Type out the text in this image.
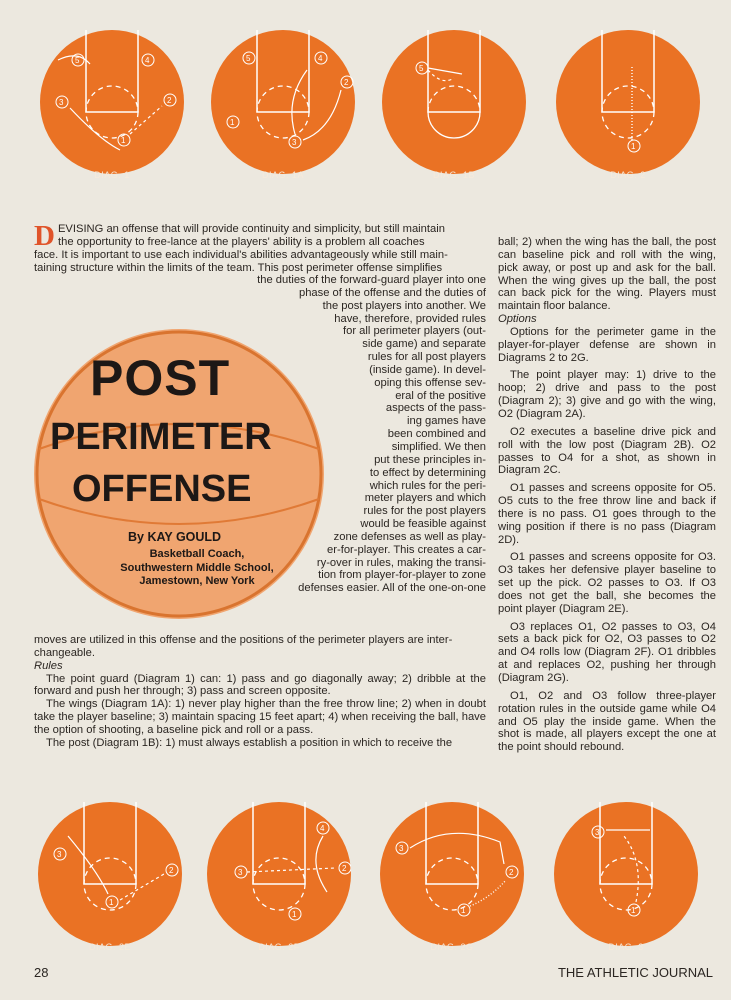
5	4
3	2
1
DIAG. 1
5	4
2
1
3
DIAG. 1A
5
DIAG. 1B
1
DIAG. 2
D EVISING an offense that will provide continuity and simplicity, but still maintain
the opportunity to free-lance at the players' ability is a problem all coaches
face. It is important to use each individual's abilities advantageously while still main-
taining structure within the limits of the team. This post perimeter offense simplifies
the duties of the forward-guard player into one
phase of the offense and the duties of
the post players into another. We
have, therefore, provided rules
for all perimeter players (out-
side game) and separate
rules for all post players
(inside game). In devel-
oping this offense sev-
eral of the positive
aspects of the pass-
ing games have
been combined and
simplified. We then
put these principles in-
to effect by determining
which rules for the peri-
meter players and which
rules for the post players
would be feasible against
zone defenses as well as play-
er-for-player. This creates a car-
ry-over in rules, making the transi-
tion from player-for-player to zone
defenses easier. All of the one-on-one
POST
PERIMETER
OFFENSE
By KAY GOULD
Basketball Coach,
Southwestern Middle School,
Jamestown, New York
moves are utilized in this offense and the positions of the perimeter players are inter-
changeable.
Rules

The point guard (Diagram 1) can: 1) pass and go diagonally away; 2) dribble at the forward and push her through; 3) pass and screen opposite.

The wings (Diagram 1A): 1) never play higher than the free throw line; 2) when in doubt take the player baseline; 3) maintain spacing 15 feet apart; 4) when receiving the ball, have the option of shooting, a baseline pick and roll or a pass.

The post (Diagram 1B): 1) must always establish a position in which to receive the

ball; 2) when the wing has the ball, the post can baseline pick and roll with the wing, pick away, or post up and ask for the ball. When the wing gives up the ball, the post can back pick for the wing. Players must maintain floor balance.

Options

Options for the perimeter game in the player-for-player defense are shown in Diagrams 2 to 2G.

The point player may: 1) drive to the hoop; 2) drive and pass to the post (Diagram 2); 3) give and go with the wing, O2 (Diagram 2A).

O2 executes a baseline drive pick and roll with the low post (Diagram 2B). O2 passes to O4 for a shot, as shown in Diagram 2C.

O1 passes and screens opposite for O5. O5 cuts to the free throw line and back if there is no pass. O1 goes through to the wing position if there is no pass (Diagram 2D).

O1 passes and screens opposite for O3. O3 takes her defensive player baseline to set up the pick. O2 passes to O3. If O3 does not get the ball, she becomes the point player (Diagram 2E).

O3 replaces O1, O2 passes to O3, O4 sets a back pick for O2, O3 passes to O2 and O4 rolls low (Diagram 2F). O1 dribbles at and replaces O2, pushing her through (Diagram 2G).

O1, O2 and O3 follow three-player rotation rules in the outside game while O4 and O5 play the inside game. When the shot is made, all players except the one at the point should rebound.

3
2
1
DIAG. 2E
3
4
2
1
DIAG. 2F
3
2
1
DIAG. 2G
3
1
DIAG. 3
28	THE ATHLETIC JOURNAL
